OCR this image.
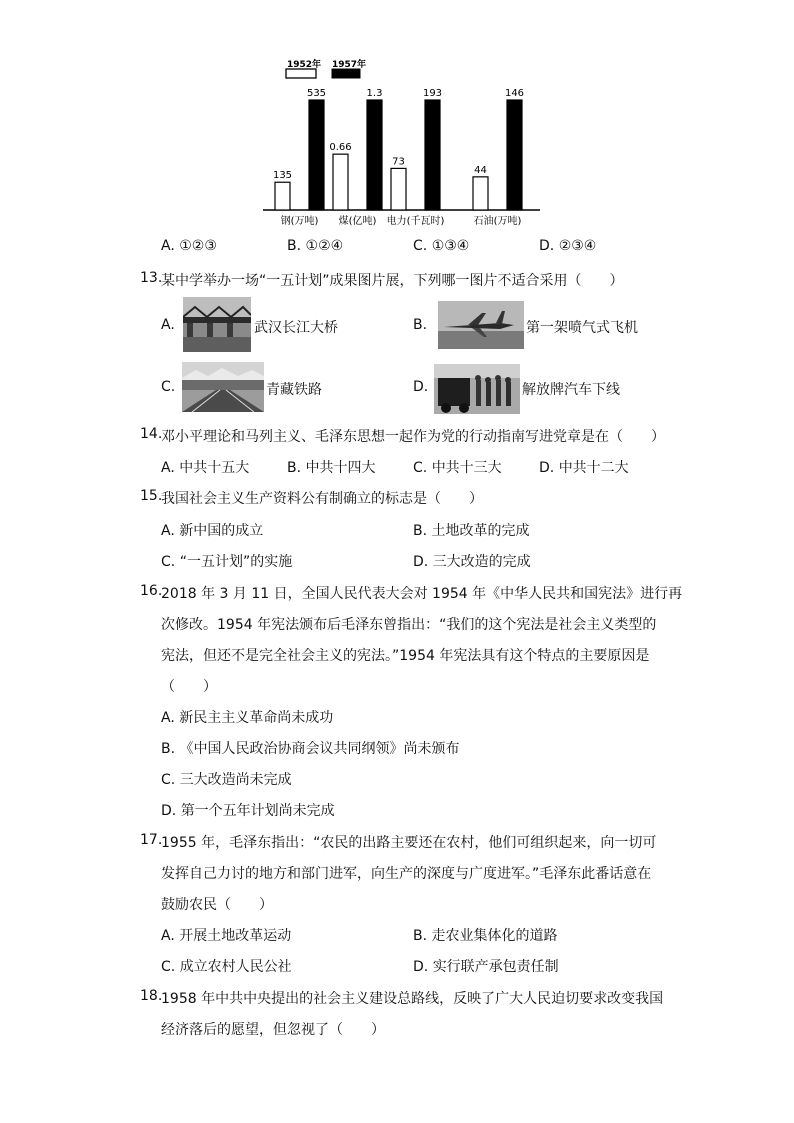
1952年 1957年
135
535
0.66
1.3
73
193
44
146
钢(万吨) 煤(亿吨) 电力(千瓦时)	石油(万吨)
A. ①②③	B. ①②④	C. ①③④	D. ②③④
13.
某中学举办一场“一五计划”成果图片展，下列哪一图片不适合采用（　　）
A.	武汉长江大桥	B.	第一架喷气式飞机
C.	青藏铁路	D.	解放牌汽车下线
14.
邓小平理论和马列主义、毛泽东思想一起作为党的行动指南写进党章是在（　　）
A. 中共十五大	B. 中共十四大	C. 中共十三大	D. 中共十二大
15.
我国社会主义生产资料公有制确立的标志是（　　）
A. 新中国的成立	B. 土地改革的完成
C. “一五计划”的实施	D. 三大改造的完成
16.
2018 年 3 月 11 日，全国人民代表大会对 1954 年《中华人民共和国宪法》进行再
次修改。1954 年宪法颁布后毛泽东曾指出：“我们的这个宪法是社会主义类型的
宪法，但还不是完全社会主义的宪法。”1954 年宪法具有这个特点的主要原因是
（　　）
A. 新民主主义革命尚未成功
B. 《中国人民政治协商会议共同纲领》尚未颁布
C. 三大改造尚未完成
D. 第一个五年计划尚未完成
17.
1955 年，毛泽东指出：“农民的出路主要还在农村，他们可组织起来，向一切可
发挥自己力讨的地方和部门进军，向生产的深度与广度进军。”毛泽东此番话意在
鼓励农民（　　）
A. 开展土地改革运动	B. 走农业集体化的道路
C. 成立农村人民公社	D. 实行联产承包责任制
18.
1958 年中共中央提出的社会主义建设总路线，反映了广大人民迫切要求改变我国
经济落后的愿望，但忽视了（　　）
